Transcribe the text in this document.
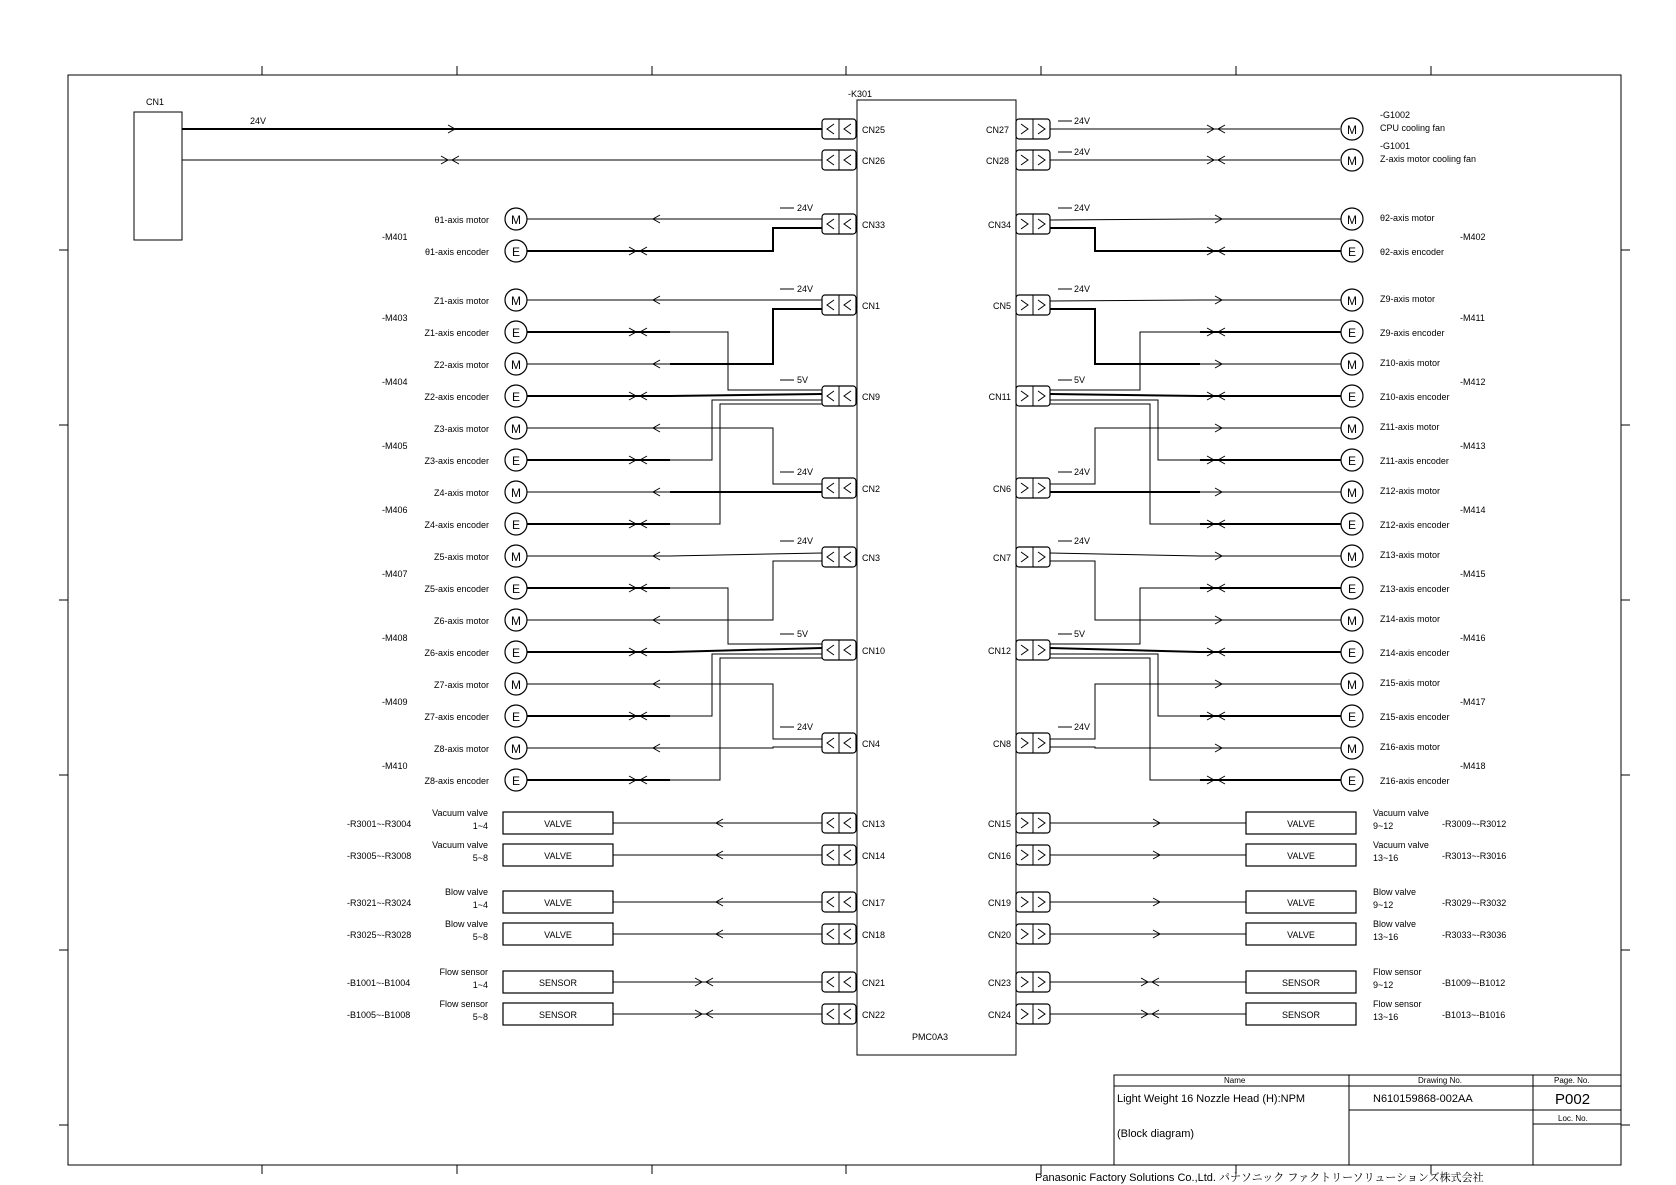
-K301
PMC0A3
CN1
24V
CN25	CN27
24V
M
-G1002
CPU cooling fan
CN26	CN28
24V
M
-G1001
Z-axis motor cooling fan
M
E
θ1-axis motor
θ1-axis encoder
-M401
M
E
Z1-axis motor
Z1-axis encoder
-M403
M
E
Z2-axis motor
Z2-axis encoder
-M404
M
E
Z3-axis motor
Z3-axis encoder
-M405
M
E
Z4-axis motor
Z4-axis encoder
-M406
M
E
Z5-axis motor
Z5-axis encoder
-M407
M
E
Z6-axis motor
Z6-axis encoder
-M408
M
E
Z7-axis motor
Z7-axis encoder
-M409
M
E
Z8-axis motor
Z8-axis encoder
-M410
CN33
24V
CN1
24V
CN9
5V
CN2
24V
CN3
24V
CN10
5V
CN4
24V
M
E
θ2-axis motor
θ2-axis encoder
-M402
M
E
Z9-axis motor
Z9-axis encoder
-M411
M
E
Z10-axis motor
Z10-axis encoder
-M412
M
E
Z11-axis motor
Z11-axis encoder
-M413
M
E
Z12-axis motor
Z12-axis encoder
-M414
M
E
Z13-axis motor
Z13-axis encoder
-M415
M
E
Z14-axis motor
Z14-axis encoder
-M416
M
E
Z15-axis motor
Z15-axis encoder
-M417
M
E
Z16-axis motor
Z16-axis encoder
-M418
CN34
24V
CN5
24V
CN11
5V
CN6
24V
CN7
24V
CN12
5V
CN8
24V
VALVE
Vacuum valve
1~4
-R3001~-R3004	CN13
VALVE
Vacuum valve
5~8
-R3005~-R3008	CN14
VALVE
Blow valve
1~4
-R3021~-R3024	CN17
VALVE
Blow valve
5~8
-R3025~-R3028	CN18
SENSOR
Flow sensor
1~4
-B1001~-B1004	CN21
SENSOR
Flow sensor
5~8
-B1005~-B1008	CN22
VALVE
Vacuum valve
9~12	-R3009~-R3012
CN15
VALVE
Vacuum valve
13~16	-R3013~-R3016
CN16
VALVE
Blow valve
9~12	-R3029~-R3032
CN19
VALVE
Blow valve
13~16	-R3033~-R3036
CN20
SENSOR
Flow sensor
9~12	-B1009~-B1012
CN23
SENSOR
Flow sensor
13~16	-B1013~-B1016
CN24
Name	Drawing No.	Page. No.
Light Weight 16 Nozzle Head (H):NPM
(Block diagram)
N610159868-002AA	P002
Loc. No.
Panasonic Factory Solutions Co.,Ltd. パナソニック ファクトリーソリューションズ株式会社
